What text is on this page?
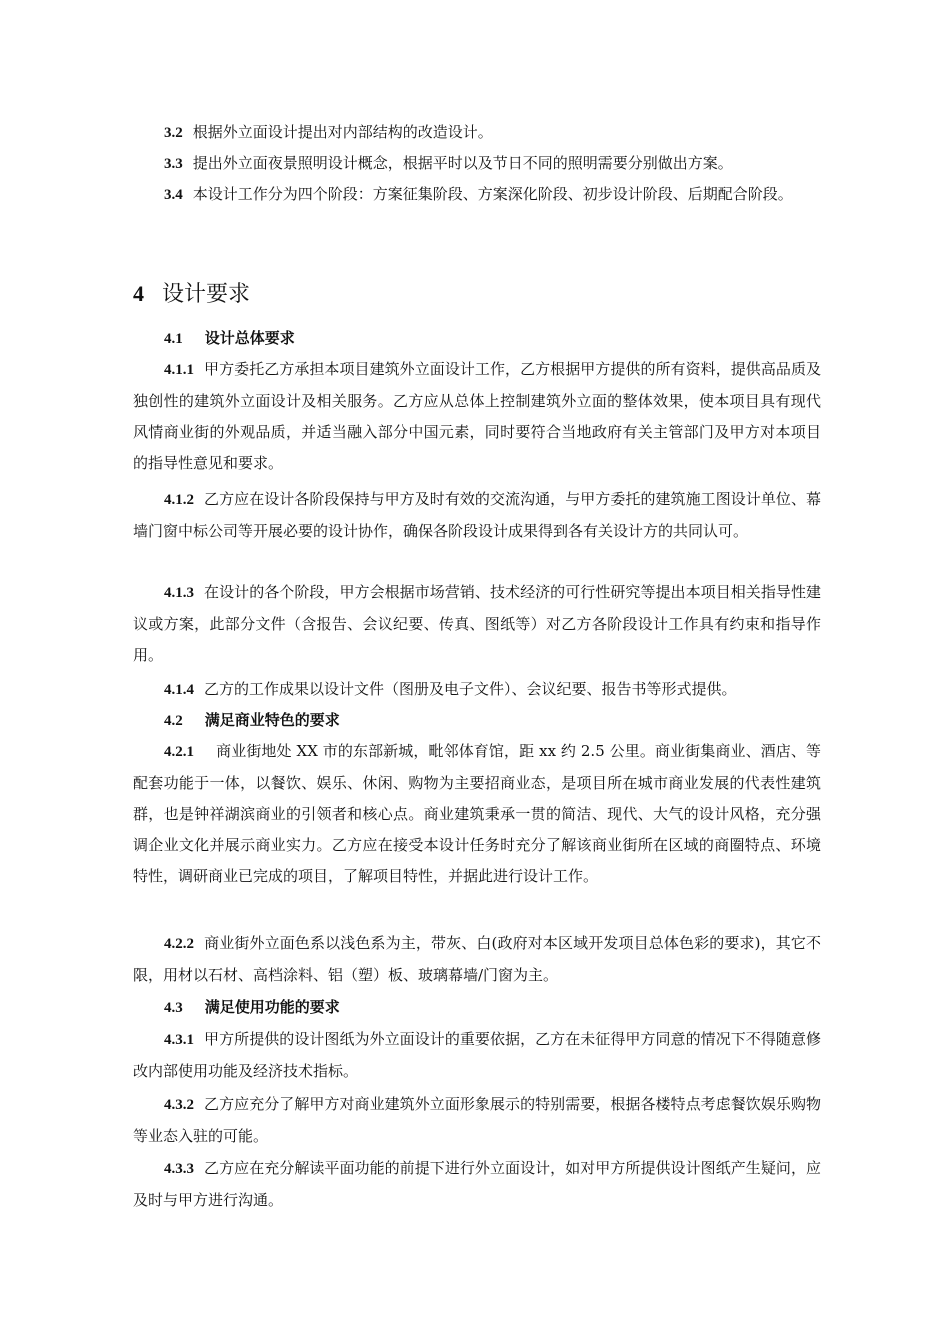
3.2 根据外立面设计提出对内部结构的改造设计。

3.3 提出外立面夜景照明设计概念，根据平时以及节日不同的照明需要分别做出方案。

3.4 本设计工作分为四个阶段：方案征集阶段、方案深化阶段、初步设计阶段、后期配合阶段。

4 设计要求
4.1 设计总体要求

4.1.1 甲方委托乙方承担本项目建筑外立面设计工作，乙方根据甲方提供的所有资料，提供高品质及独创性的建筑外立面设计及相关服务。乙方应从总体上控制建筑外立面的整体效果，使本项目具有现代风情商业街的外观品质，并适当融入部分中国元素，同时要符合当地政府有关主管部门及甲方对本项目的指导性意见和要求。

4.1.2 乙方应在设计各阶段保持与甲方及时有效的交流沟通，与甲方委托的建筑施工图设计单位、幕墙门窗中标公司等开展必要的设计协作，确保各阶段设计成果得到各有关设计方的共同认可。

4.1.3 在设计的各个阶段，甲方会根据市场营销、技术经济的可行性研究等提出本项目相关指导性建议或方案，此部分文件（含报告、会议纪要、传真、图纸等）对乙方各阶段设计工作具有约束和指导作用。

4.1.4 乙方的工作成果以设计文件（图册及电子文件）、会议纪要、报告书等形式提供。

4.2 满足商业特色的要求

4.2.1 商业街地处 XX 市的东部新城，毗邻体育馆，距 xx 约 2.5 公里。商业街集商业、酒店、等配套功能于一体，以餐饮、娱乐、休闲、购物为主要招商业态，是项目所在城市商业发展的代表性建筑群，也是钟祥湖滨商业的引领者和核心点。商业建筑秉承一贯的简洁、现代、大气的设计风格，充分强调企业文化并展示商业实力。乙方应在接受本设计任务时充分了解该商业街所在区域的商圈特点、环境特性，调研商业已完成的项目，了解项目特性，并据此进行设计工作。

4.2.2 商业街外立面色系以浅色系为主，带灰、白(政府对本区域开发项目总体色彩的要求)，其它不限，用材以石材、高档涂料、铝（塑）板、玻璃幕墙/门窗为主。

4.3 满足使用功能的要求

4.3.1 甲方所提供的设计图纸为外立面设计的重要依据，乙方在未征得甲方同意的情况下不得随意修改内部使用功能及经济技术指标。

4.3.2 乙方应充分了解甲方对商业建筑外立面形象展示的特别需要，根据各楼特点考虑餐饮娱乐购物等业态入驻的可能。

4.3.3 乙方应在充分解读平面功能的前提下进行外立面设计，如对甲方所提供设计图纸产生疑问，应及时与甲方进行沟通。
